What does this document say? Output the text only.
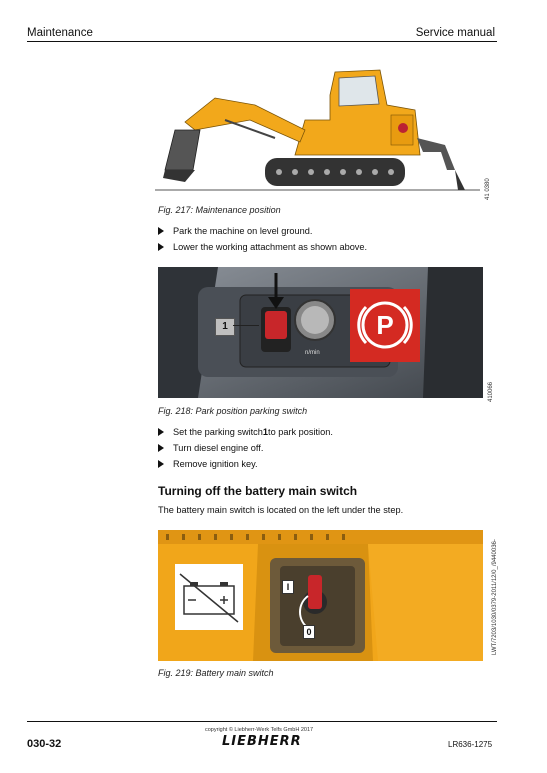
Maintenance	Service manual
41 0380
Fig. 217: Maintenance position
Park the machine on level ground.
Lower the working attachment as shown above.
P
1
n/min
410066
Fig. 218: Park position parking switch
Set the parking switch 1 to park position.
Turn diesel engine off.
Remove ignition key.
Turning off the battery main switch
The battery main switch is located on the left under the step.
I
0	LWT/7203/1030/0379-2011/12/0_/9440036-
Fig. 219: Battery main switch
copyright © Liebherr-Werk Telfs GmbH 2017
030-32	LIEBHERR	LR636-1275
